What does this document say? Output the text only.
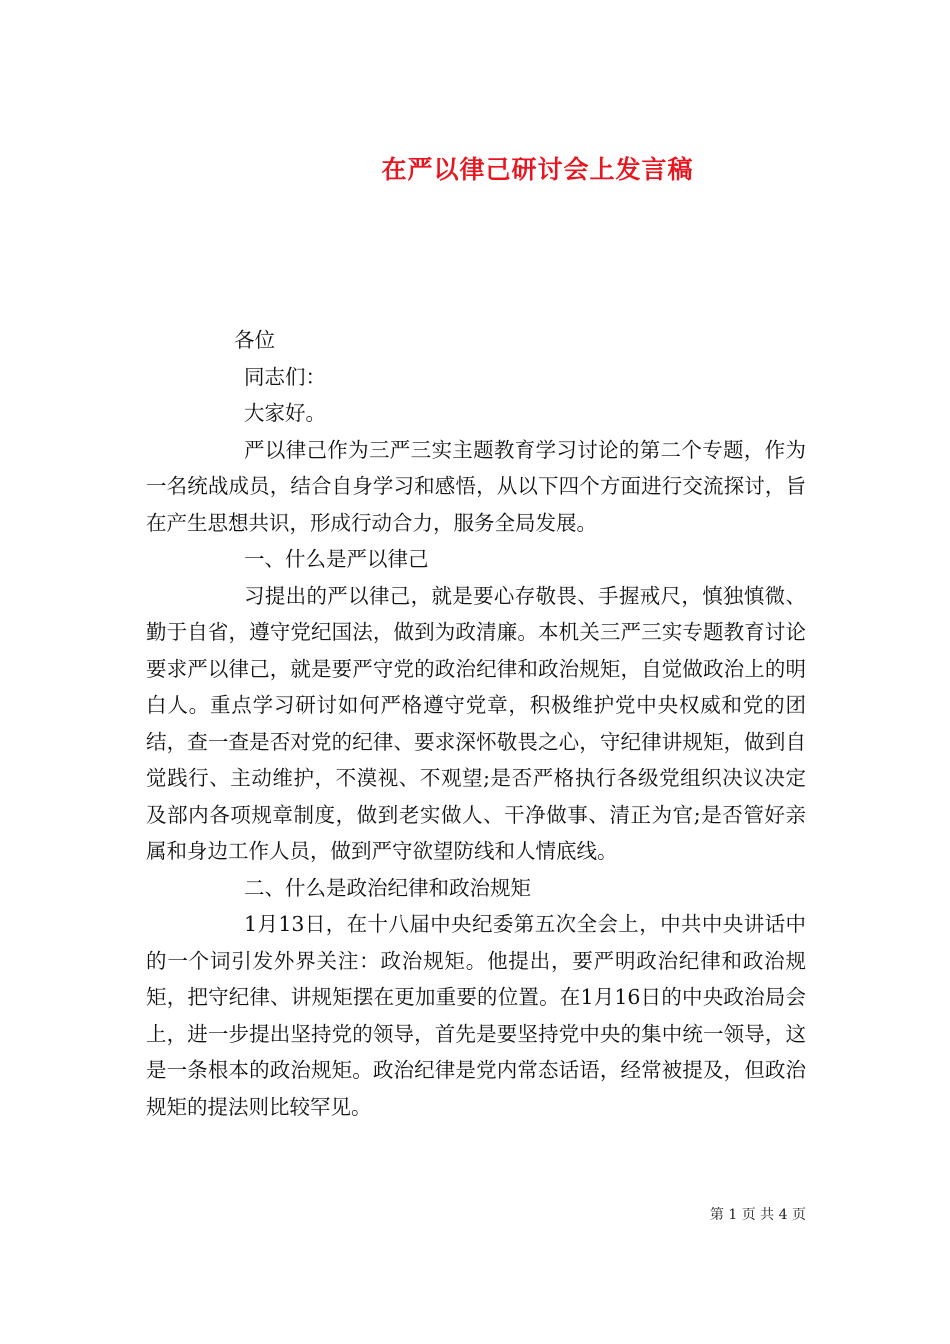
在严以律己研讨会上发言稿

各位

同志们：

大家好。

严以律己作为三严三实主题教育学习讨论的第二个专题，作为一名统战成员，结合自身学习和感悟，从以下四个方面进行交流探讨，旨在产生思想共识，形成行动合力，服务全局发展。

一、什么是严以律己

习提出的严以律己，就是要心存敬畏、手握戒尺，慎独慎微、勤于自省，遵守党纪国法，做到为政清廉。本机关三严三实专题教育讨论要求严以律己，就是要严守党的政治纪律和政治规矩，自觉做政治上的明白人。重点学习研讨如何严格遵守党章，积极维护党中央权威和党的团结，查一查是否对党的纪律、要求深怀敬畏之心，守纪律讲规矩，做到自觉践行、主动维护，不漠视、不观望;是否严格执行各级党组织决议决定及部内各项规章制度，做到老实做人、干净做事、清正为官;是否管好亲属和身边工作人员，做到严守欲望防线和人情底线。

二、什么是政治纪律和政治规矩

1月13日，在十八届中央纪委第五次全会上，中共中央讲话中的一个词引发外界关注：政治规矩。他提出，要严明政治纪律和政治规矩，把守纪律、讲规矩摆在更加重要的位置。在1月16日的中央政治局会上，进一步提出坚持党的领导，首先是要坚持党中央的集中统一领导，这是一条根本的政治规矩。政治纪律是党内常态话语，经常被提及，但政治规矩的提法则比较罕见。

第 1 页 共 4 页
